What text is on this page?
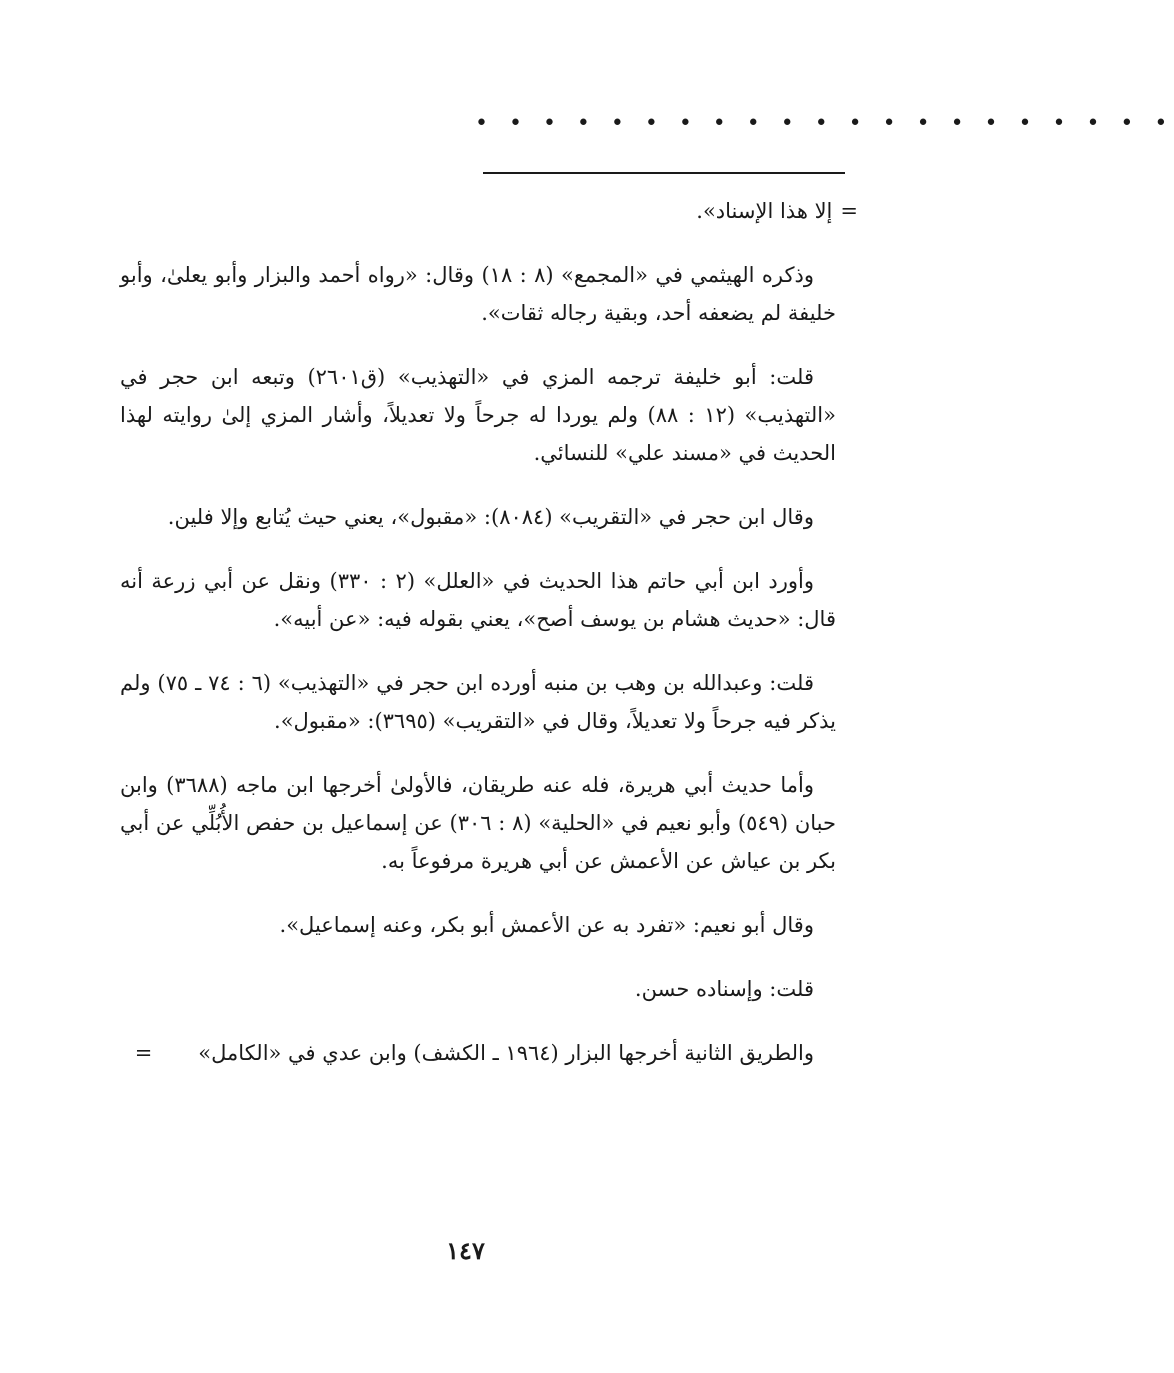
• • • • • • • • • • • • • • • • • • • • •

=إلا هذا الإسناد».

وذكره الهيثمي في «المجمع» (٨ : ١٨) وقال: «رواه أحمد والبزار وأبو يعلىٰ، وأبو خليفة لم يضعفه أحد، وبقية رجاله ثقات».

قلت: أبو خليفة ترجمه المزي في «التهذيب» (ق٢٦٠١) وتبعه ابن حجر في «التهذيب» (١٢ : ٨٨) ولم يوردا له جرحاً ولا تعديلاً، وأشار المزي إلىٰ روايته لهذا الحديث في «مسند علي» للنسائي.

وقال ابن حجر في «التقريب» (٨٠٨٤): «مقبول»، يعني حيث يُتابع وإلا فلين.

وأورد ابن أبي حاتم هذا الحديث في «العلل» (٢ : ٣٣٠) ونقل عن أبي زرعة أنه قال: «حديث هشام بن يوسف أصح»، يعني بقوله فيه: «عن أبيه».

قلت: وعبدالله بن وهب بن منبه أورده ابن حجر في «التهذيب» (٦ : ٧٤ ـ ٧٥) ولم يذكر فيه جرحاً ولا تعديلاً، وقال في «التقريب» (٣٦٩٥): «مقبول».

وأما حديث أبي هريرة، فله عنه طريقان، فالأولىٰ أخرجها ابن ماجه (٣٦٨٨) وابن حبان (٥٤٩) وأبو نعيم في «الحلية» (٨ : ٣٠٦) عن إسماعيل بن حفص الأُبُلِّي عن أبي بكر بن عياش عن الأعمش عن أبي هريرة مرفوعاً به.

وقال أبو نعيم: «تفرد به عن الأعمش أبو بكر، وعنه إسماعيل».

قلت: وإسناده حسن.

والطريق الثانية أخرجها البزار (١٩٦٤ ـ الكشف) وابن عدي في «الكامل»=

١٤٧
